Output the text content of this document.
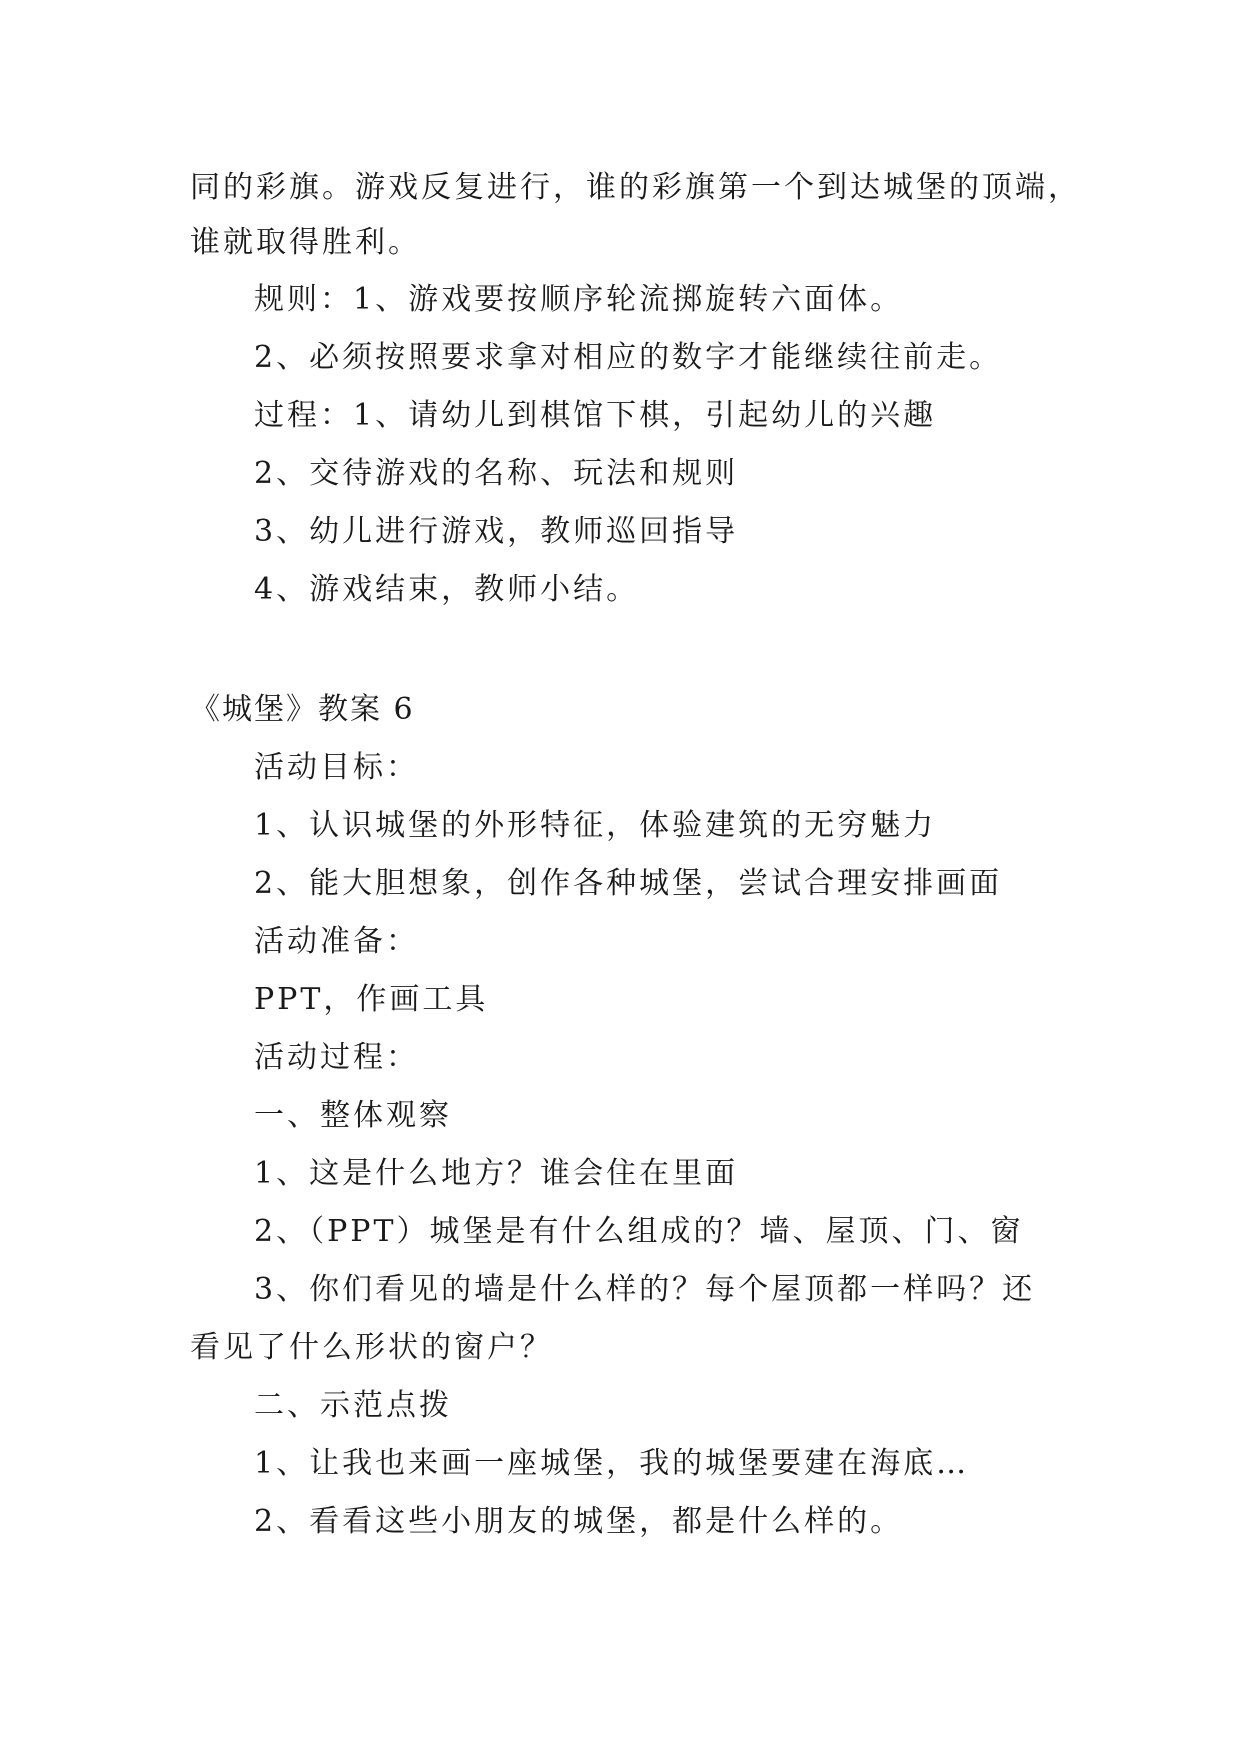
同的彩旗。游戏反复进行，谁的彩旗第一个到达城堡的顶端，
谁就取得胜利。
规则：1、游戏要按顺序轮流掷旋转六面体。
2、必须按照要求拿对相应的数字才能继续往前走。
过程：1、请幼儿到棋馆下棋，引起幼儿的兴趣
2、交待游戏的名称、玩法和规则
3、幼儿进行游戏，教师巡回指导
4、游戏结束，教师小结。
《城堡》教案 6
活动目标：
1、认识城堡的外形特征，体验建筑的无穷魅力
2、能大胆想象，创作各种城堡，尝试合理安排画面
活动准备：
PPT，作画工具
活动过程：
一、整体观察
1、这是什么地方？谁会住在里面
2、（PPT）城堡是有什么组成的？墙、屋顶、门、窗
3、你们看见的墙是什么样的？每个屋顶都一样吗？还
看见了什么形状的窗户？
二、示范点拨
1、让我也来画一座城堡，我的城堡要建在海底…
2、看看这些小朋友的城堡，都是什么样的。
